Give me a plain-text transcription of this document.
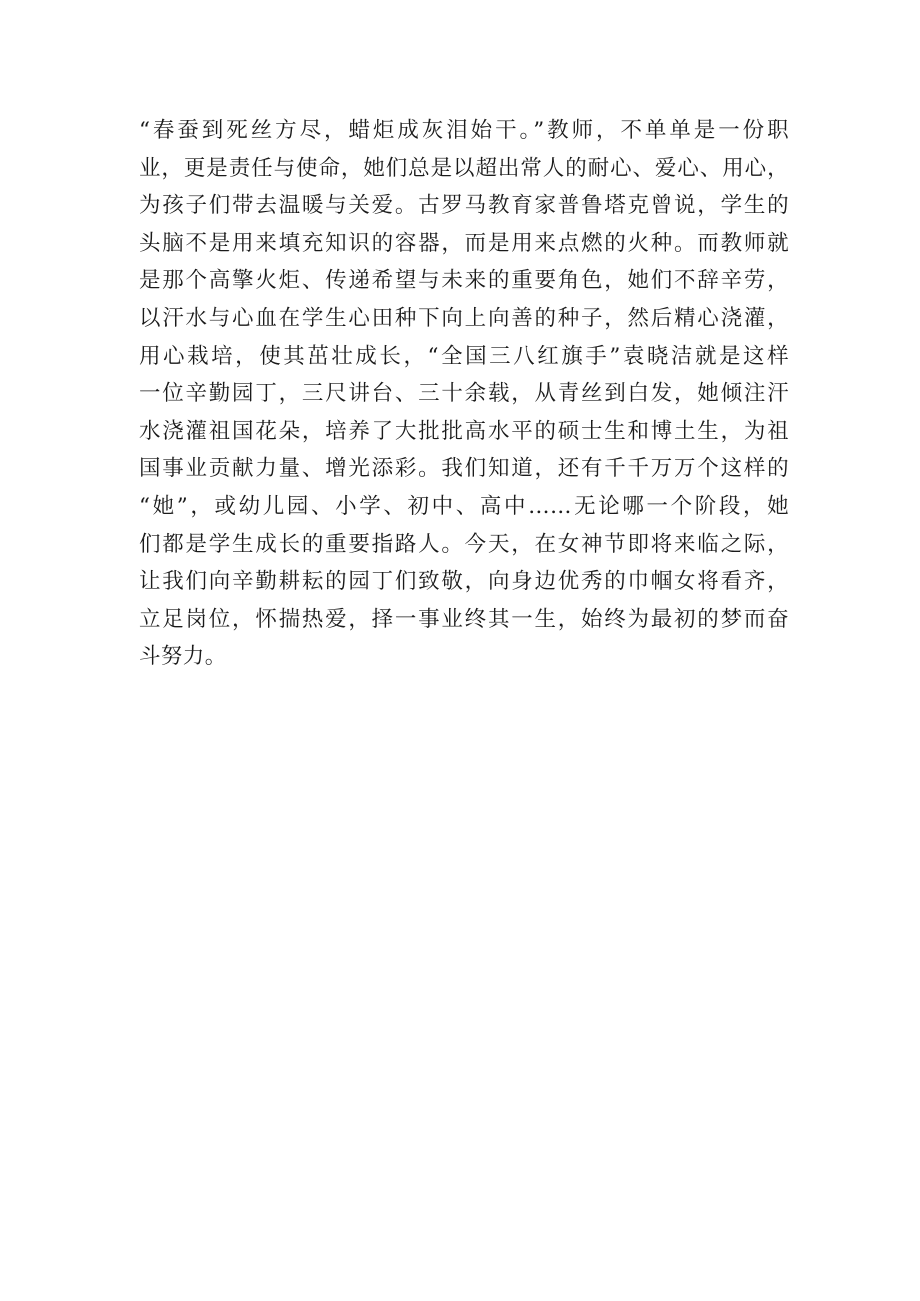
“春蚕到死丝方尽，蜡炬成灰泪始干。”教师，不单单是一份职
业，更是责任与使命，她们总是以超出常人的耐心、爱心、用心，
为孩子们带去温暖与关爱。古罗马教育家普鲁塔克曾说，学生的
头脑不是用来填充知识的容器，而是用来点燃的火种。而教师就
是那个高擎火炬、传递希望与未来的重要角色，她们不辞辛劳，
以汗水与心血在学生心田种下向上向善的种子，然后精心浇灌，
用心栽培，使其茁壮成长，“全国三八红旗手”袁晓洁就是这样
一位辛勤园丁，三尺讲台、三十余载，从青丝到白发，她倾注汗
水浇灌祖国花朵，培养了大批批高水平的硕士生和博土生，为祖
国事业贡献力量、增光添彩。我们知道，还有千千万万个这样的
“她”，或幼儿园、小学、初中、高中……无论哪一个阶段，她
们都是学生成长的重要指路人。今天，在女神节即将来临之际，
让我们向辛勤耕耘的园丁们致敬，向身边优秀的巾帼女将看齐，
立足岗位，怀揣热爱，择一事业终其一生，始终为最初的梦而奋
斗努力。
